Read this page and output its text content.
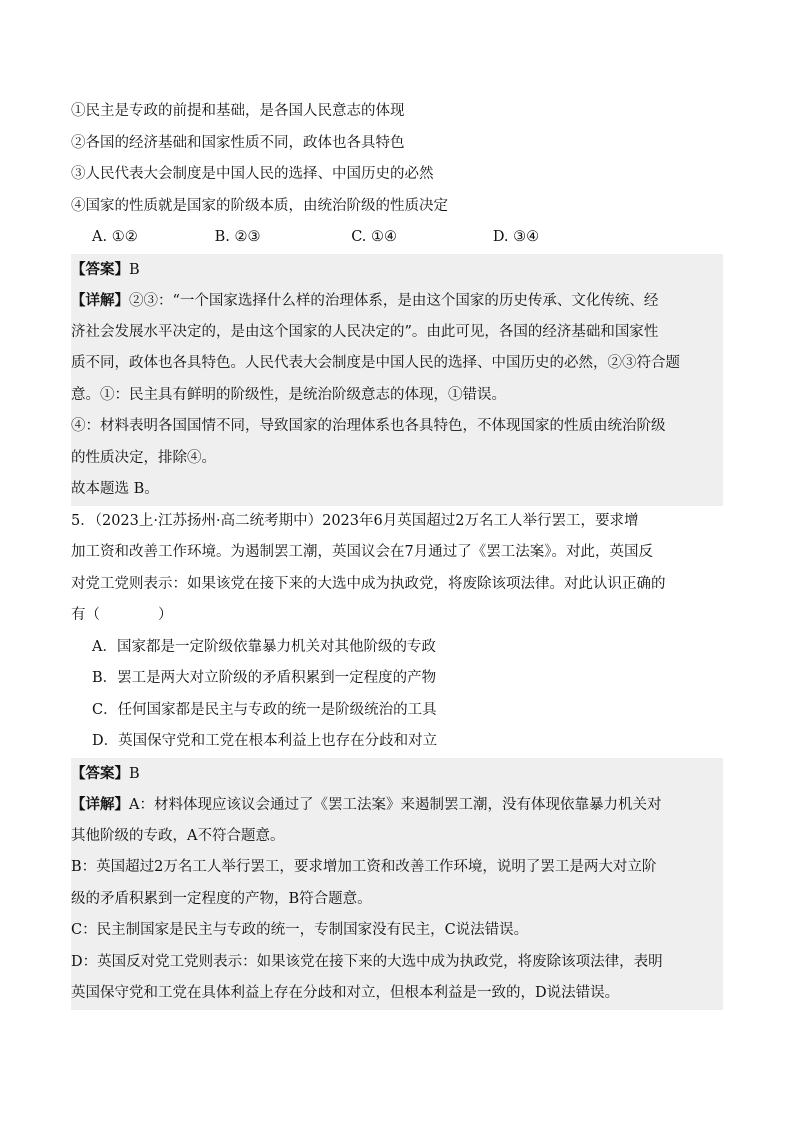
①民主是专政的前提和基础，是各国人民意志的体现
②各国的经济基础和国家性质不同，政体也各具特色
③人民代表大会制度是中国人民的选择、中国历史的必然
④国家的性质就是国家的阶级本质，由统治阶级的性质决定
A. ①②	B. ②③	C. ①④	D. ③④
【答案】B
【详解】②③：“一个国家选择什么样的治理体系，是由这个国家的历史传承、文化传统、经
济社会发展水平决定的，是由这个国家的人民决定的”。由此可见，各国的经济基础和国家性
质不同，政体也各具特色。人民代表大会制度是中国人民的选择、中国历史的必然，②③符合题
意。①：民主具有鲜明的阶级性，是统治阶级意志的体现，①错误。
④：材料表明各国国情不同，导致国家的治理体系也各具特色，不体现国家的性质由统治阶级
的性质决定，排除④。
故本题选 B。
5．（2023上·江苏扬州·高二统考期中）2023年6月英国超过2万名工人举行罢工，要求增
加工资和改善工作环境。为遏制罢工潮，英国议会在7月通过了《罢工法案》。对此，英国反
对党工党则表示：如果该党在接下来的大选中成为执政党，将废除该项法律。对此认识正确的
有（　　　　）
A．国家都是一定阶级依靠暴力机关对其他阶级的专政
B．罢工是两大对立阶级的矛盾积累到一定程度的产物
C．任何国家都是民主与专政的统一是阶级统治的工具
D．英国保守党和工党在根本利益上也存在分歧和对立
【答案】B
【详解】A：材料体现应该议会通过了《罢工法案》来遏制罢工潮，没有体现依靠暴力机关对
其他阶级的专政，A不符合题意。
B：英国超过2万名工人举行罢工，要求增加工资和改善工作环境，说明了罢工是两大对立阶
级的矛盾积累到一定程度的产物，B符合题意。
C：民主制国家是民主与专政的统一，专制国家没有民主，C说法错误。
D：英国反对党工党则表示：如果该党在接下来的大选中成为执政党，将废除该项法律，表明
英国保守党和工党在具体利益上存在分歧和对立，但根本利益是一致的，D说法错误。
